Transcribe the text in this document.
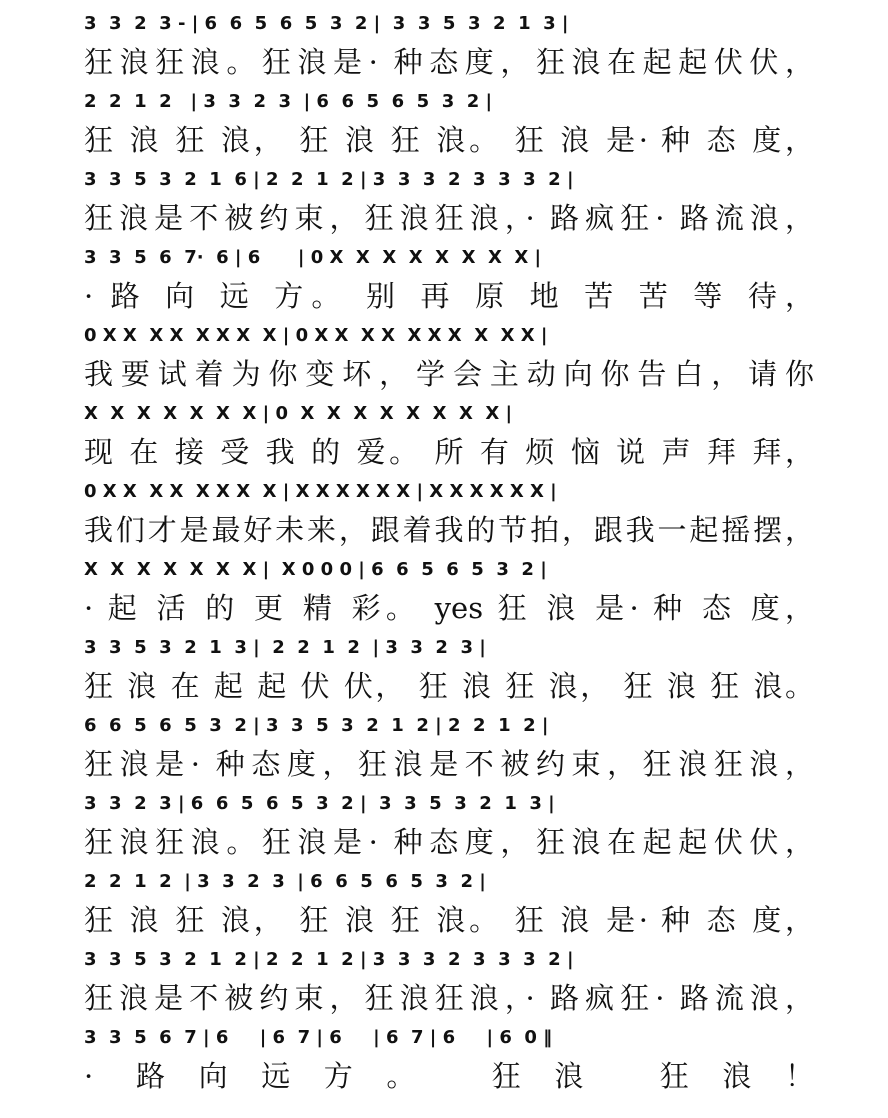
3  3  2  3 - | 6  6  5  6  5  3  2 |  3  3  5  3  2  1  3 |
狂浪狂浪。狂浪是· 种态度，狂浪在起起伏伏，
2  2  1  2   | 3  3  2  3  | 6  6  5  6  5  3  2 |
狂 浪 狂 浪， 狂 浪 狂 浪。 狂 浪 是· 种 态 度，
3  3  5  3  2  1  6 | 2  2  1  2 | 3  3  3  2  3  3  3  2 |
狂浪是不被约束，狂浪狂浪，· 路疯狂· 路流浪，
3  3  5  6  7·  6 | 6      | 0 X  X  X  X  X  X  X  X |
· 路 向 远 方。 别 再 原 地 苦 苦 等 待，
0 X X  X X  X X X  X | 0 X X  X X  X X X  X  X X |
我要试着为你变坏，学会主动向你告白，请你
X  X  X  X  X  X  X | 0  X  X  X  X  X  X  X  X |
现 在 接 受 我 的 爱。 所 有 烦 恼 说 声 拜 拜，
0 X X  X X  X X X  X | X X X X X X | X X X X X X |
我们才是最好未来，跟着我的节拍，跟我一起摇摆，
X  X  X  X  X  X  X |  X 0 0 0 | 6  6  5  6  5  3  2 |
· 起 活 的 更 精 彩。 yes 狂 浪 是· 种 态 度，
3  3  5  3  2  1  3 |  2  2  1  2  | 3  3  2  3 |
狂 浪 在 起 起 伏 伏， 狂 浪 狂 浪， 狂 浪 狂 浪。
6  6  5  6  5  3  2 | 3  3  5  3  2  1  2 | 2  2  1  2 |
狂浪是· 种态度，狂浪是不被约束，狂浪狂浪，
3  3  2  3 | 6  6  5  6  5  3  2 |  3  3  5  3  2  1  3 |
狂浪狂浪。狂浪是· 种态度，狂浪在起起伏伏，
2  2  1  2  | 3  3  2  3  | 6  6  5  6  5  3  2 |
狂 浪 狂 浪， 狂 浪 狂 浪。 狂 浪 是· 种 态 度，
3  3  5  3  2  1  2 | 2  2  1  2 | 3  3  3  2  3  3  3  2 |
狂浪是不被约束，狂浪狂浪，· 路疯狂· 路流浪，
3  3  5  6  7 | 6     | 6  7 | 6     | 6  7 | 6     | 6  0 ‖
· 路向远方。 狂浪 狂浪！
